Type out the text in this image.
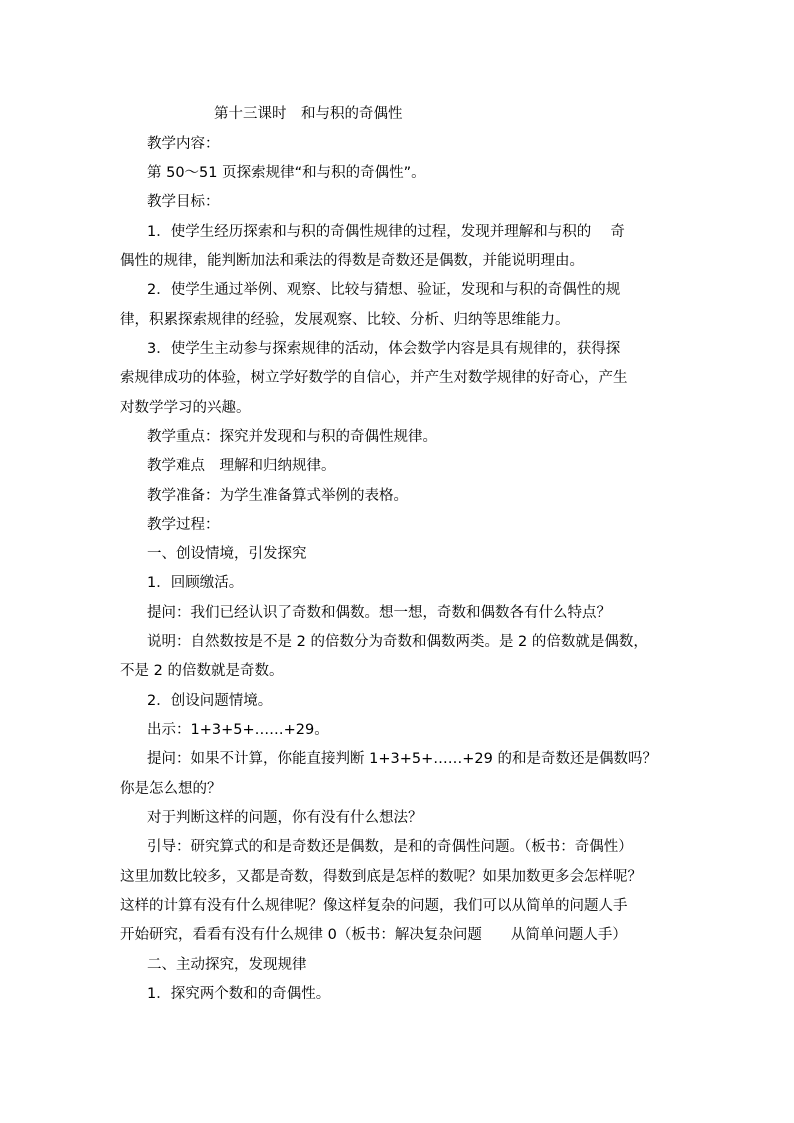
第十三课时　和与积的奇偶性
教学内容：
第 50～51 页探索规律“和与积的奇偶性”。
教学目标：
1．使学生经历探索和与积的奇偶性规律的过程，发现并理解和与积的　 奇
偶性的规律，能判断加法和乘法的得数是奇数还是偶数，并能说明理由。
2．使学生通过举例、观察、比较与猜想、验证，发现和与积的奇偶性的规
律，积累探索规律的经验，发展观察、比较、分析、归纳等思维能力。
3．使学生主动参与探索规律的活动，体会数学内容是具有规律的，获得探
索规律成功的体验，树立学好数学的自信心，并产生对数学规律的好奇心，产生
对数学学习的兴趣。
教学重点：探究并发现和与积的奇偶性规律。
教学难点　理解和归纳规律。
教学准备：为学生准备算式举例的表格。
教学过程：
一、创设情境，引发探究
1．回顾缴活。
提问：我们已经认识了奇数和偶数。想一想，奇数和偶数各有什么特点？
说明：自然数按是不是 2 的倍数分为奇数和偶数两类。是 2 的倍数就是偶数，
不是 2 的倍数就是奇数。
2．创设问题情境。
出示：1+3+5+……+29。
提问：如果不计算，你能直接判断 1+3+5+……+29 的和是奇数还是偶数吗？
你是怎么想的？
对于判断这样的问题，你有没有什么想法？
引导：研究算式的和是奇数还是偶数，是和的奇偶性问题。（板书：奇偶性）
这里加数比较多，又都是奇数，得数到底是怎样的数呢？如果加数更多会怎样呢？
这样的计算有没有什么规律呢？像这样复杂的问题，我们可以从简单的问题人手
开始研究，看看有没有什么规律 0（板书：解决复杂问题　　从简单问题人手）
二、主动探究，发现规律
1．探究两个数和的奇偶性。
